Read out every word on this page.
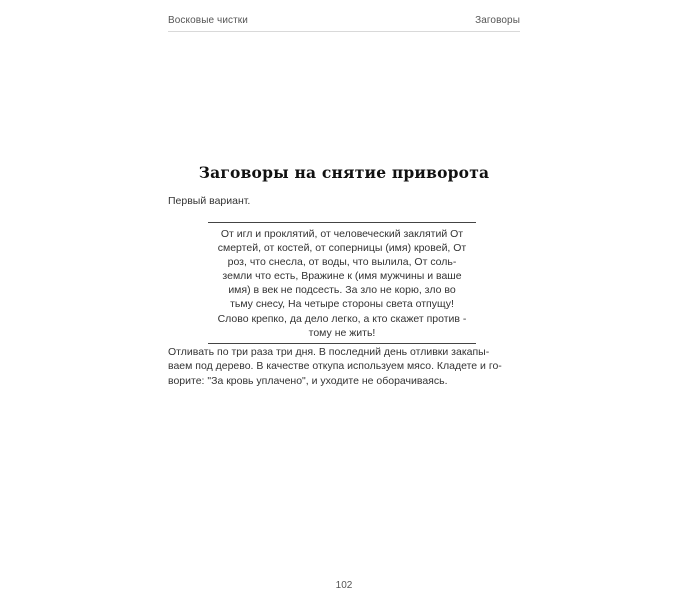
Восковые чистки	Заговоры
Заговоры на снятие приворота
Первый вариант.
От игл и проклятий, от человеческий заклятий От
смертей, от костей, от соперницы (имя) кровей, От
роз, что снесла, от воды, что вылила, От соль-
земли что есть, Вражине к (имя мужчины и ваше
имя) в век не подсесть. За зло не корю, зло во
тьму снесу, На четыре стороны света отпущу!
Слово крепко, да дело легко, а кто скажет против -
тому не жить!
Отливать по три раза три дня. В последний день отливки закапы-
ваем под дерево. В качестве откупа используем мясо. Кладете и го-
ворите: "За кровь уплачено", и уходите не оборачиваясь.
102
